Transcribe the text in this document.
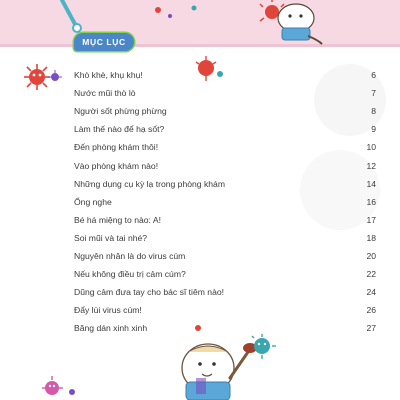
MỤC LỤC
Khò khè, khụ khụ!	6
Nước mũi thò lò	7
Người sốt phừng phừng	8
Làm thế nào để hạ sốt?	9
Đến phòng khám thôi!	10
Vào phòng khám nào!	12
Những dụng cụ kỳ lạ trong phòng khám	14
Ống nghe	16
Bé há miệng to nào: A!	17
Soi mũi và tai nhé?	18
Nguyên nhân là do virus cúm	20
Nếu không điều trị cảm cúm?	22
Dũng cảm đưa tay cho bác sĩ tiêm nào!	24
Đẩy lùi virus cúm!	26
Băng dán xinh xinh	27
